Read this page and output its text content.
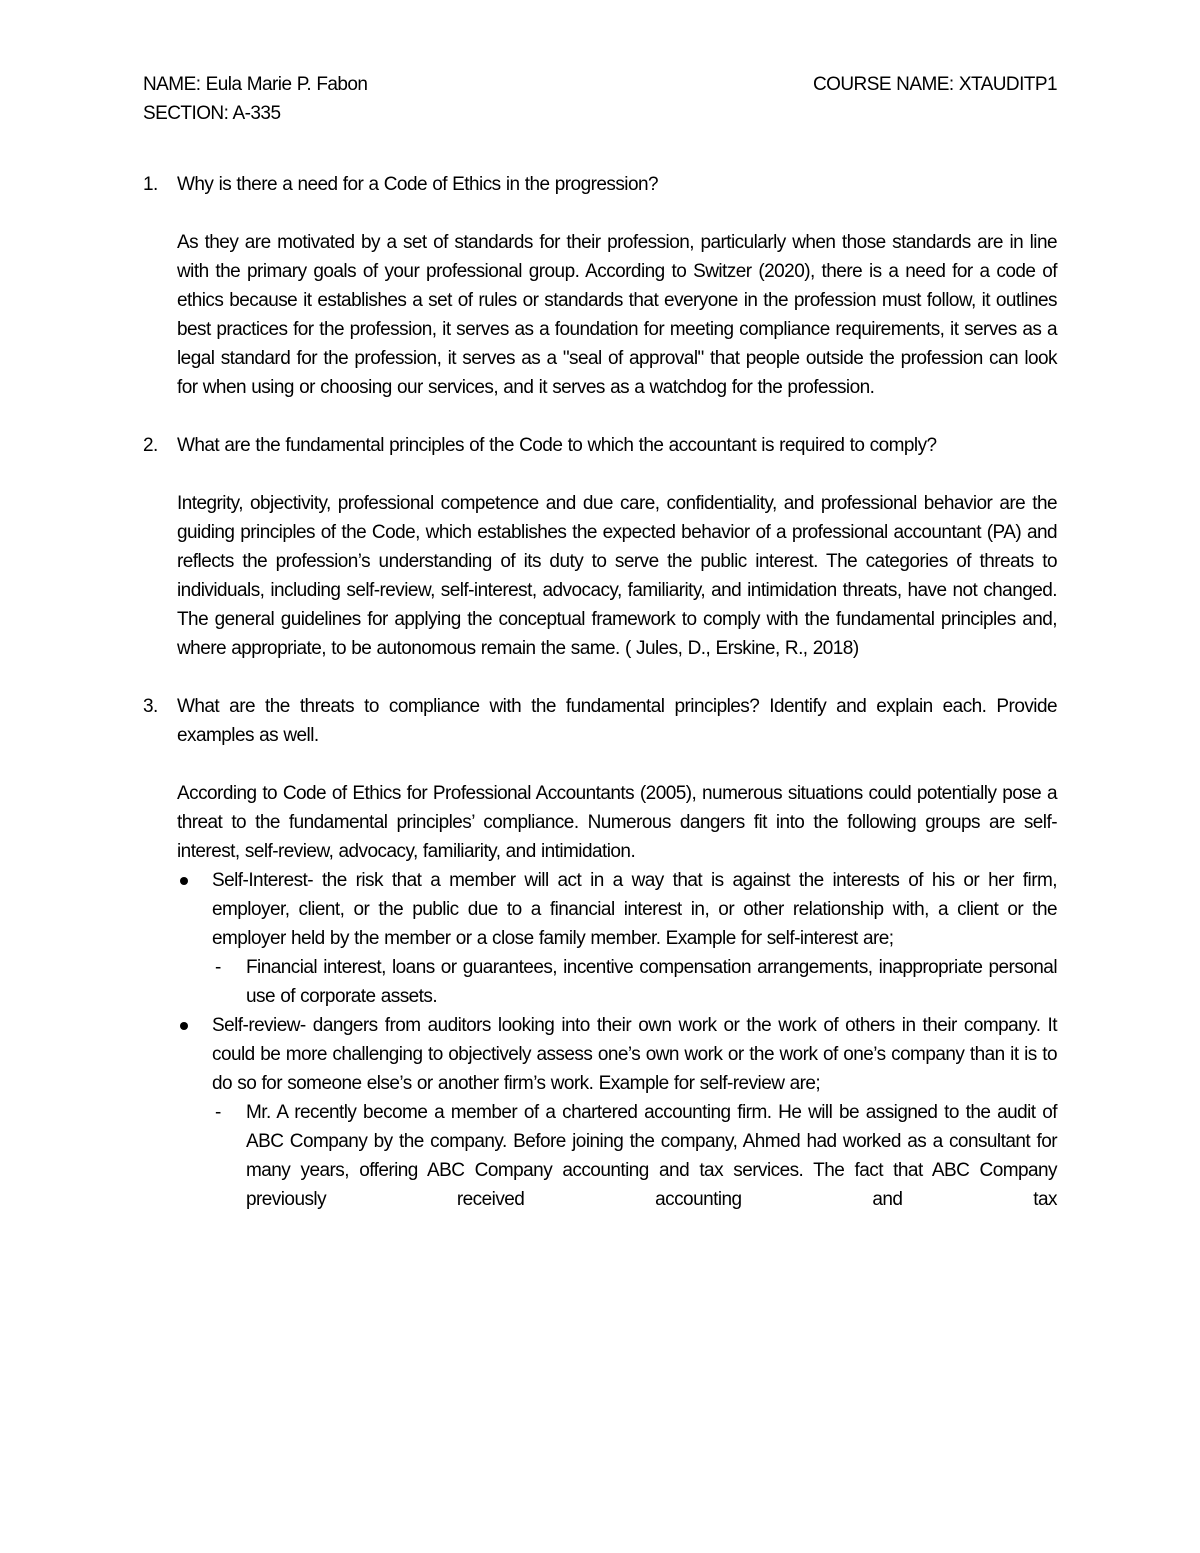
NAME: Eula Marie P. Fabon
SECTION: A-335
COURSE NAME: XTAUDITP1
1. Why is there a need for a Code of Ethics in the progression?
As they are motivated by a set of standards for their profession, particularly when those standards are in line with the primary goals of your professional group. According to Switzer (2020), there is a need for a code of ethics because it establishes a set of rules or standards that everyone in the profession must follow, it outlines best practices for the profession, it serves as a foundation for meeting compliance requirements, it serves as a legal standard for the profession, it serves as a "seal of approval" that people outside the profession can look for when using or choosing our services, and it serves as a watchdog for the profession.
2. What are the fundamental principles of the Code to which the accountant is required to comply?
Integrity, objectivity, professional competence and due care, confidentiality, and professional behavior are the guiding principles of the Code, which establishes the expected behavior of a professional accountant (PA) and reflects the profession’s understanding of its duty to serve the public interest. The categories of threats to individuals, including self-review, self-interest, advocacy, familiarity, and intimidation threats, have not changed. The general guidelines for applying the conceptual framework to comply with the fundamental principles and, where appropriate, to be autonomous remain the same. ( Jules, D., Erskine, R., 2018)
3. What are the threats to compliance with the fundamental principles? Identify and explain each. Provide examples as well.
According to Code of Ethics for Professional Accountants (2005), numerous situations could potentially pose a threat to the fundamental principles’ compliance. Numerous dangers fit into the following groups are self-interest, self-review, advocacy, familiarity, and intimidation.
Self-Interest- the risk that a member will act in a way that is against the interests of his or her firm, employer, client, or the public due to a financial interest in, or other relationship with, a client or the employer held by the member or a close family member. Example for self-interest are;
- Financial interest, loans or guarantees, incentive compensation arrangements, inappropriate personal use of corporate assets.
Self-review- dangers from auditors looking into their own work or the work of others in their company. It could be more challenging to objectively assess one’s own work or the work of one’s company than it is to do so for someone else’s or another firm’s work. Example for self-review are;
- Mr. A recently become a member of a chartered accounting firm. He will be assigned to the audit of ABC Company by the company. Before joining the company, Ahmed had worked as a consultant for many years, offering ABC Company accounting and tax services. The fact that ABC Company previously received accounting and tax
